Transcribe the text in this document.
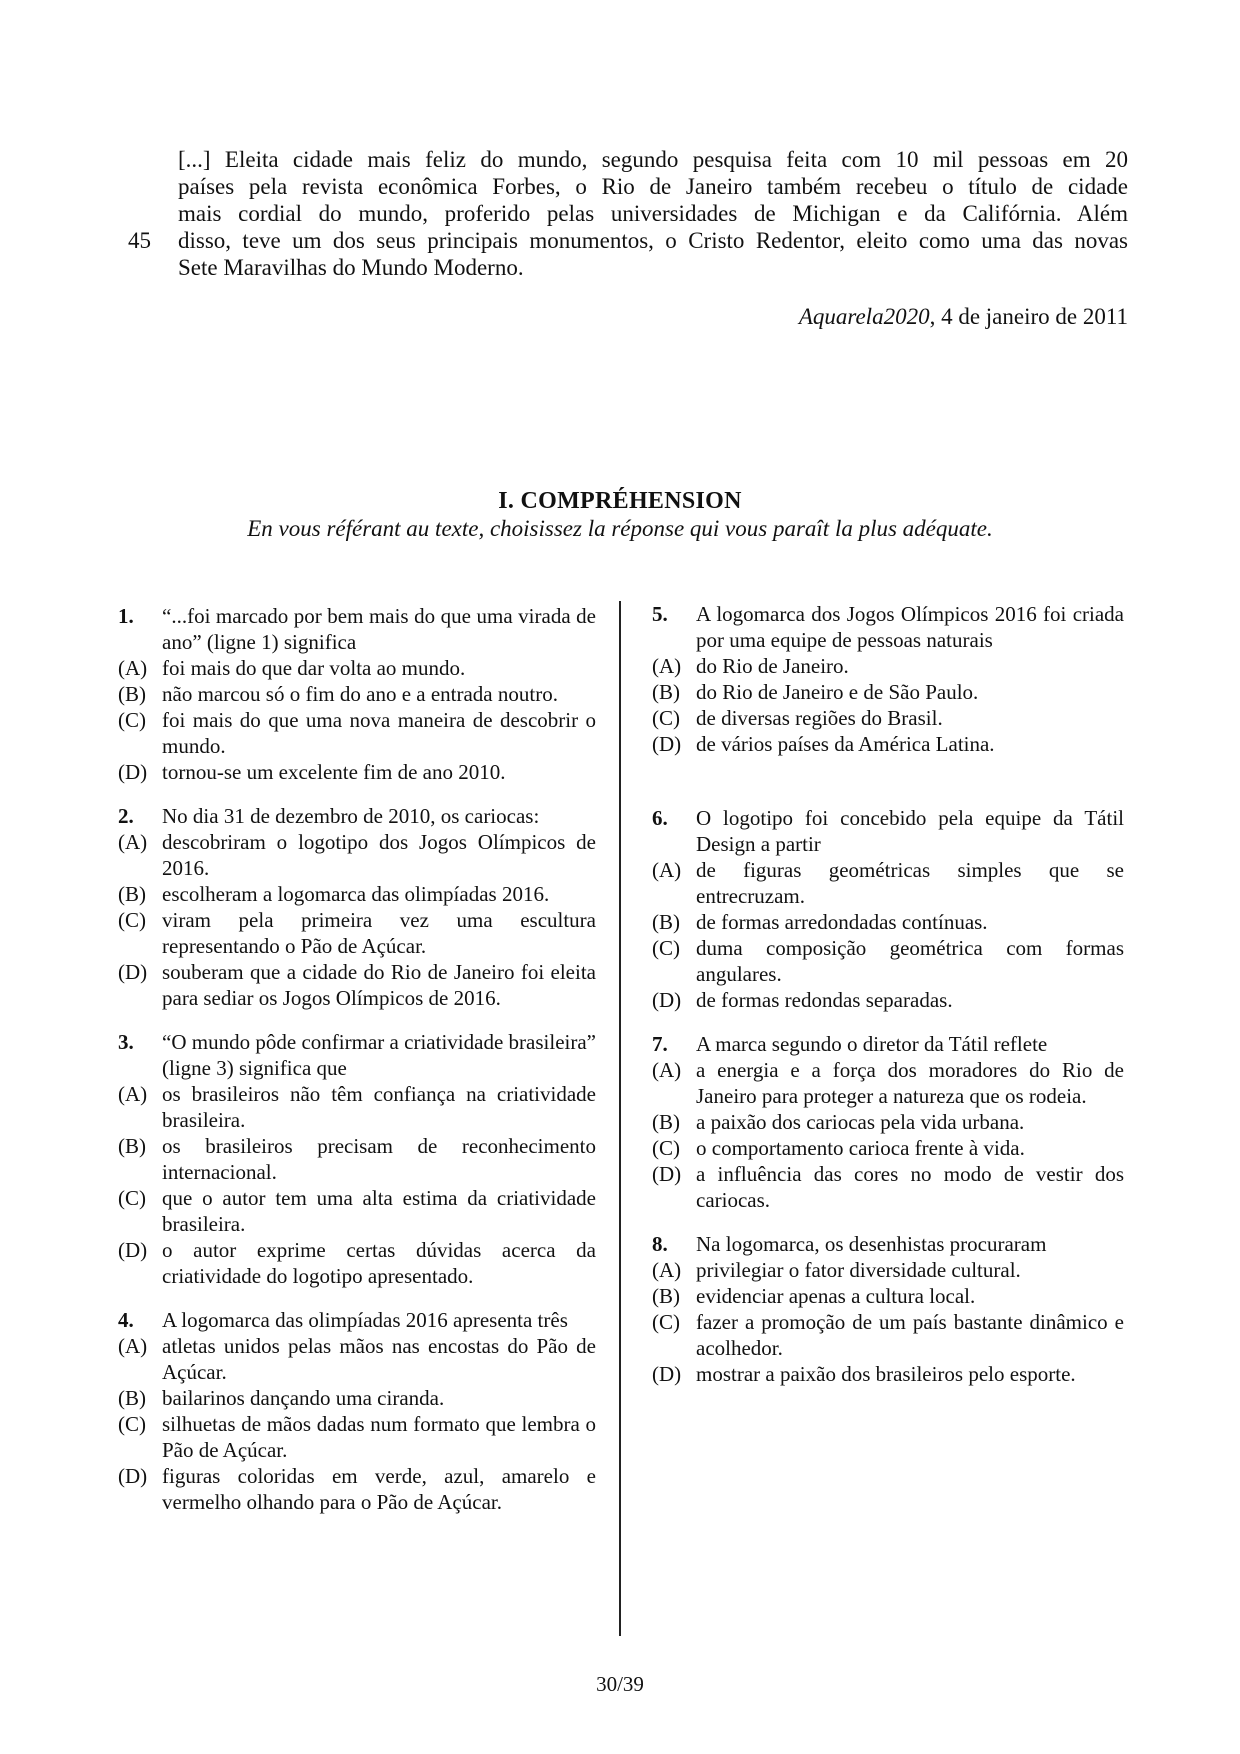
[...] Eleita cidade mais feliz do mundo, segundo pesquisa feita com 10 mil pessoas em 20
países pela revista econômica Forbes, o Rio de Janeiro também recebeu o título de cidade
mais cordial do mundo, proferido pelas universidades de Michigan e da Califórnia. Além
disso, teve um dos seus principais monumentos, o Cristo Redentor, eleito como uma das novas
Sete Maravilhas do Mundo Moderno.
45
Aquarela2020, 4 de janeiro de 2011
I. COMPRÉHENSION
En vous référant au texte, choisissez la réponse qui vous paraît la plus adéquate.
1.	“...foi marcado por bem mais do que uma virada de ano” (ligne 1) significa
(A) foi mais do que dar volta ao mundo.
(B) não marcou só o fim do ano e a entrada noutro.
(C) foi mais do que uma nova maneira de descobrir o mundo.
(D) tornou-se um excelente fim de ano 2010.
2.	No dia 31 de dezembro de 2010, os cariocas:
(A) descobriram o logotipo dos Jogos Olímpicos de 2016.
(B) escolheram a logomarca das olimpíadas 2016.
(C) viram pela primeira vez uma escultura representando o Pão de Açúcar.
(D) souberam que a cidade do Rio de Janeiro foi eleita para sediar os Jogos Olímpicos de 2016.
3.	“O mundo pôde confirmar a criatividade brasileira” (ligne 3) significa que
(A) os brasileiros não têm confiança na criatividade brasileira.
(B) os brasileiros precisam de reconhecimento internacional.
(C) que o autor tem uma alta estima da criatividade brasileira.
(D) o autor exprime certas dúvidas acerca da criatividade do logotipo apresentado.
4.	A logomarca das olimpíadas 2016 apresenta três
(A) atletas unidos pelas mãos nas encostas do Pão de Açúcar.
(B) bailarinos dançando uma ciranda.
(C) silhuetas de mãos dadas num formato que lembra o Pão de Açúcar.
(D) figuras coloridas em verde, azul, amarelo e vermelho olhando para o Pão de Açúcar.
5.	A logomarca dos Jogos Olímpicos 2016 foi criada por uma equipe de pessoas naturais
(A) do Rio de Janeiro.
(B) do Rio de Janeiro e de São Paulo.
(C) de diversas regiões do Brasil.
(D) de vários países da América Latina.
6.	O logotipo foi concebido pela equipe da Tátil Design a partir
(A) de figuras geométricas simples que se entrecruzam.
(B) de formas arredondadas contínuas.
(C) duma composição geométrica com formas angulares.
(D) de formas redondas separadas.
7.	A marca segundo o diretor da Tátil reflete
(A) a energia e a força dos moradores do Rio de Janeiro para proteger a natureza que os rodeia.
(B) a paixão dos cariocas pela vida urbana.
(C) o comportamento carioca frente à vida.
(D) a influência das cores no modo de vestir dos cariocas.
8.	Na logomarca, os desenhistas procuraram
(A) privilegiar o fator diversidade cultural.
(B) evidenciar apenas a cultura local.
(C) fazer a promoção de um país bastante dinâmico e acolhedor.
(D) mostrar a paixão dos brasileiros pelo esporte.
30/39
